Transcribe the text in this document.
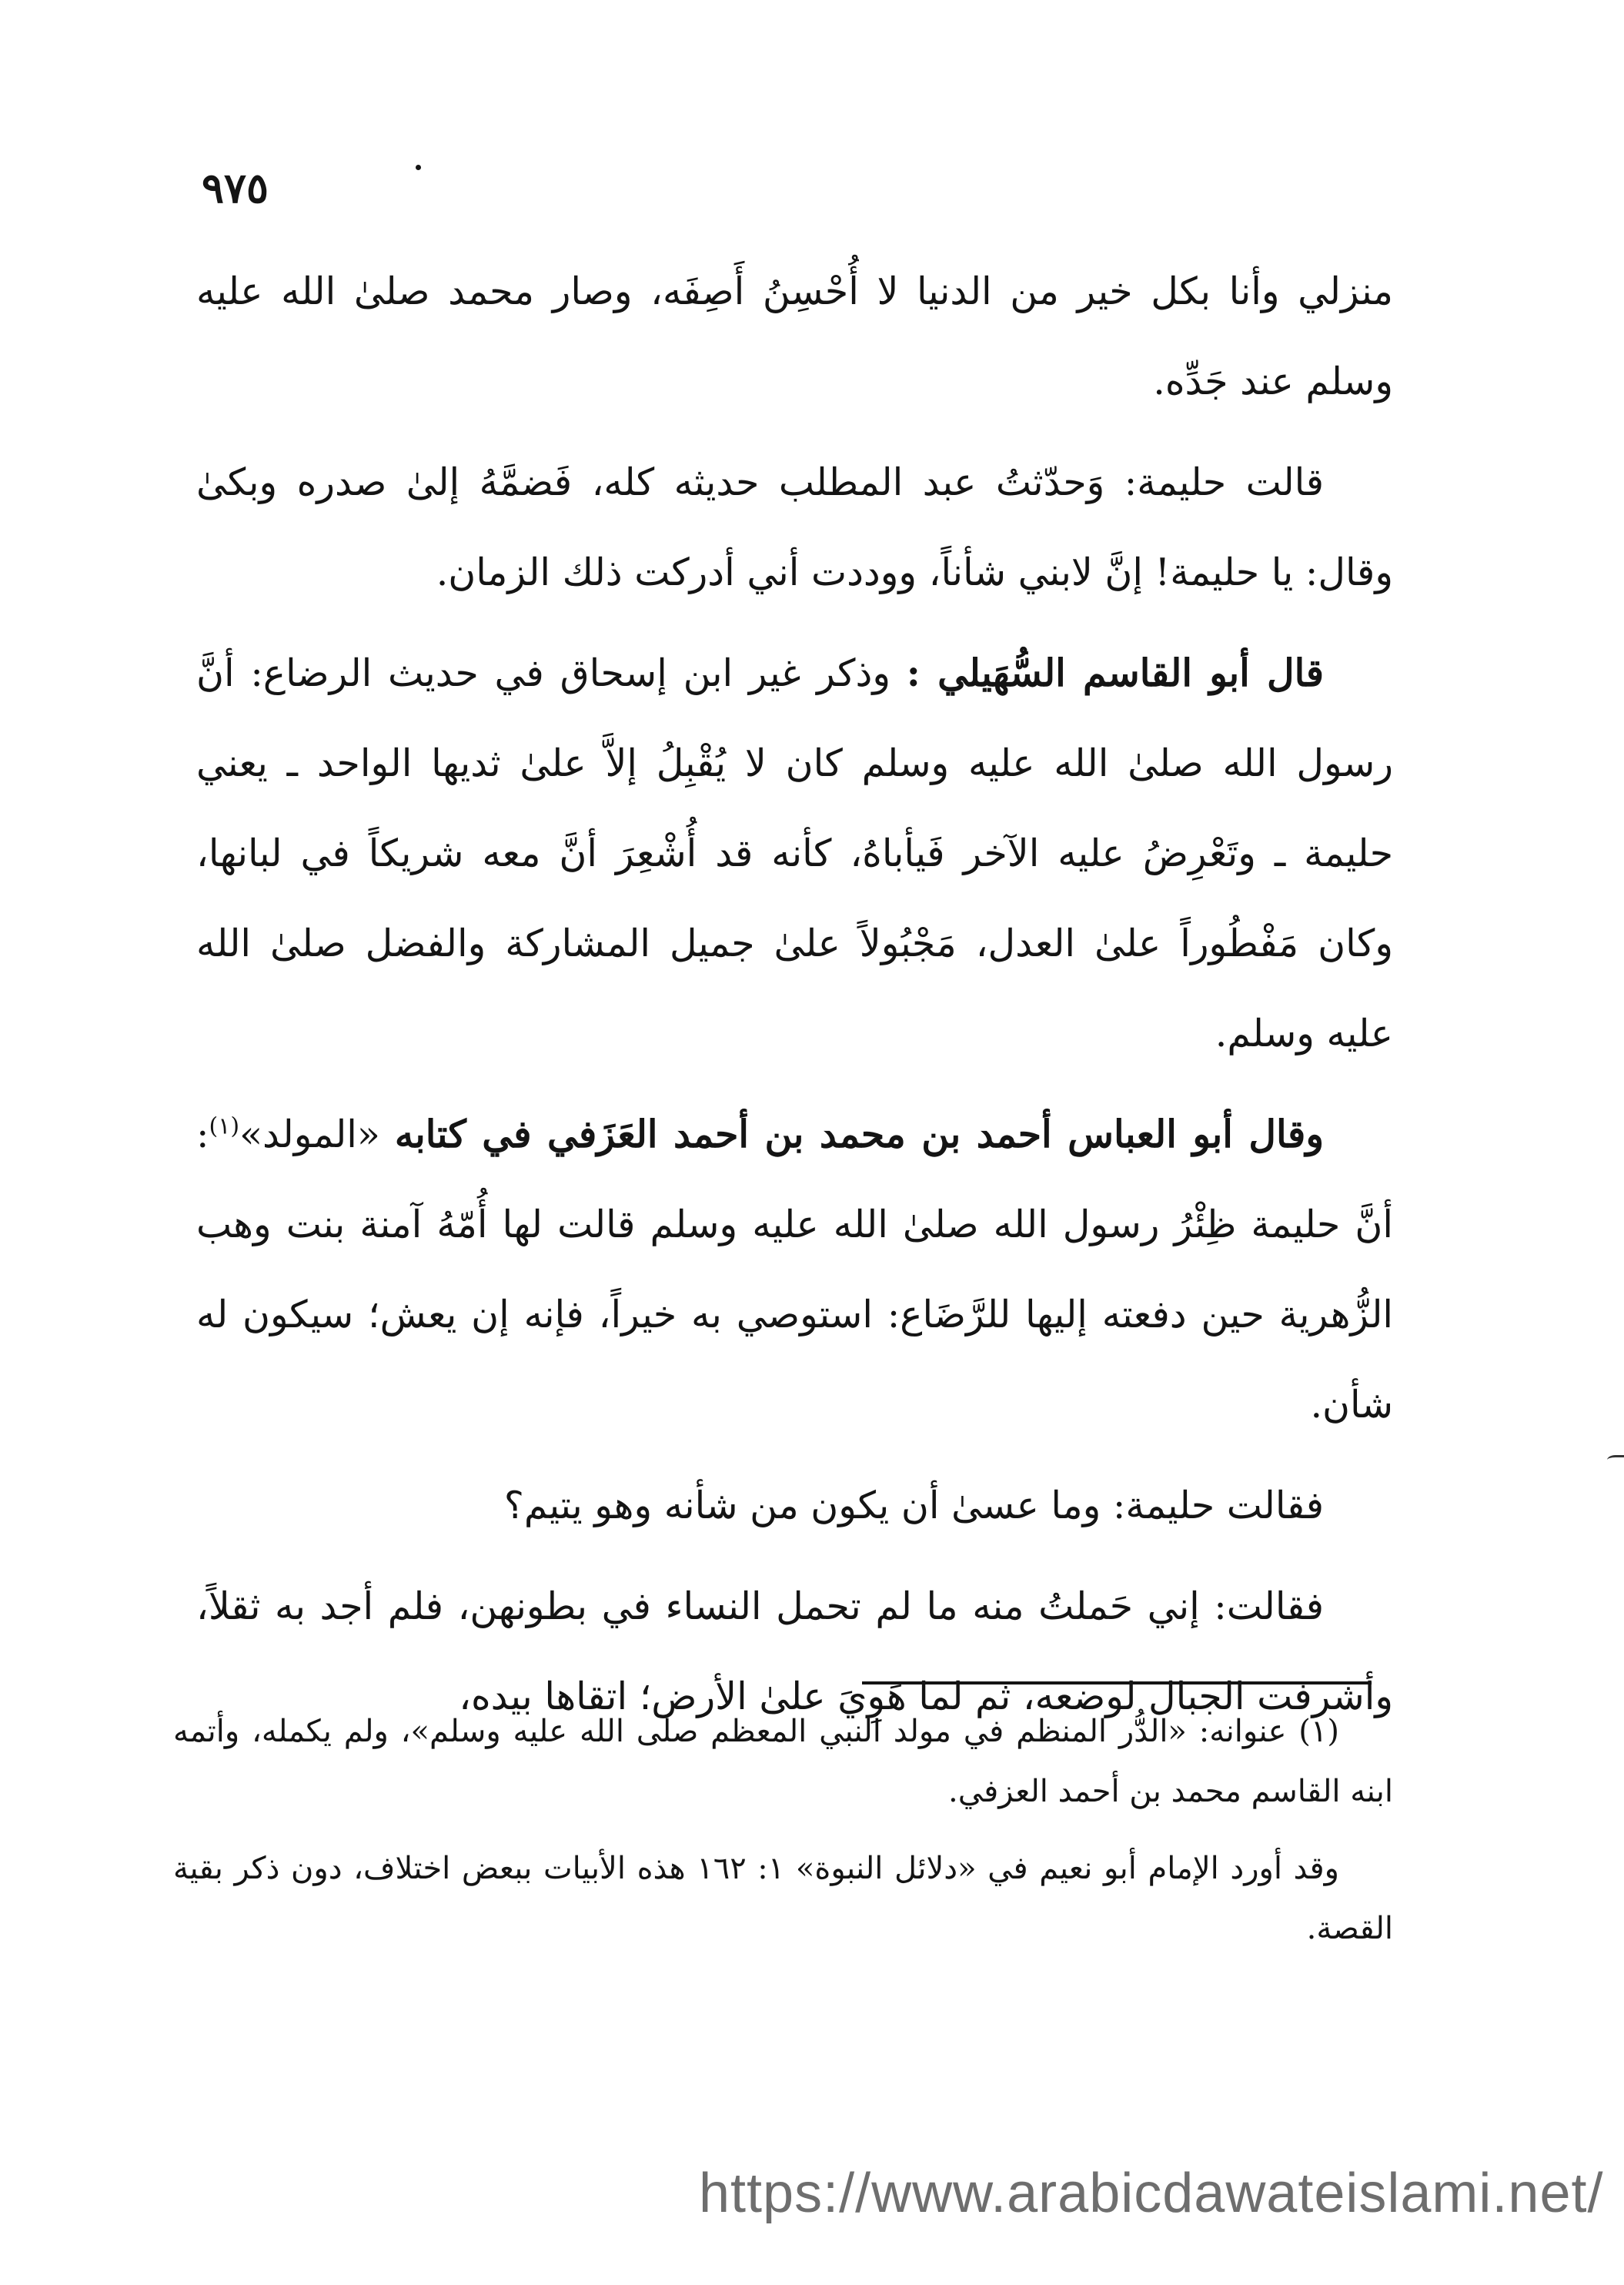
٩٧٥

منزلي وأنا بكل خير من الدنيا لا أُحْسِنُ أَصِفَه، وصار محمد صلىٰ الله عليه وسلم عند جَدِّه.

قالت حليمة: وَحدّثتُ عبد المطلب حديثه كله، فَضمَّهُ إلىٰ صدره وبكىٰ وقال: يا حليمة! إنَّ لابني شأناً، ووددت أني أدركت ذلك الزمان.

قال أبو القاسم السُّهَيلي : وذكر غير ابن إسحاق في حديث الرضاع: أنَّ رسول الله صلىٰ الله عليه وسلم كان لا يُقْبِلُ إلاَّ علىٰ ثديها الواحد ـ يعني حليمة ـ وتَعْرِضُ عليه الآخر فَيأباهُ، كأنه قد أُشْعِرَ أنَّ معه شريكاً في لبانها، وكان مَفْطُوراً علىٰ العدل، مَجْبُولاً علىٰ جميل المشاركة والفضل صلىٰ الله عليه وسلم.

وقال أبو العباس أحمد بن محمد بن أحمد العَزَفي في كتابه «المولد»$^{(١)}$: أنَّ حليمة ظِئْرُ رسول الله صلىٰ الله عليه وسلم قالت لها أُمّهُ آمنة بنت وهب الزُّهرية حين دفعته إليها للرَّضَاع: استوصي به خيراً، فإنه إن يعش؛ سيكون له شأن.

فقالت حليمة: وما عسىٰ أن يكون من شأنه وهو يتيم؟

فقالت: إني حَملتُ منه ما لم تحمل النساء في بطونهن، فلم أجد به ثقلاً، وأشرفت الجبال لوضعه، ثم لما هَوِيَ علىٰ الأرض؛ اتقاها بيده،

(١) عنوانه: «الدُّر المنظم في مولد النبي المعظم صلى الله عليه وسلم»، ولم يكمله، وأتمه ابنه القاسم محمد بن أحمد العزفي.

وقد أورد الإمام أبو نعيم في «دلائل النبوة» ١: ١٦٢ هذه الأبيات ببعض اختلاف، دون ذكر بقية القصة.

https://www.arabicdawateislami.net/
